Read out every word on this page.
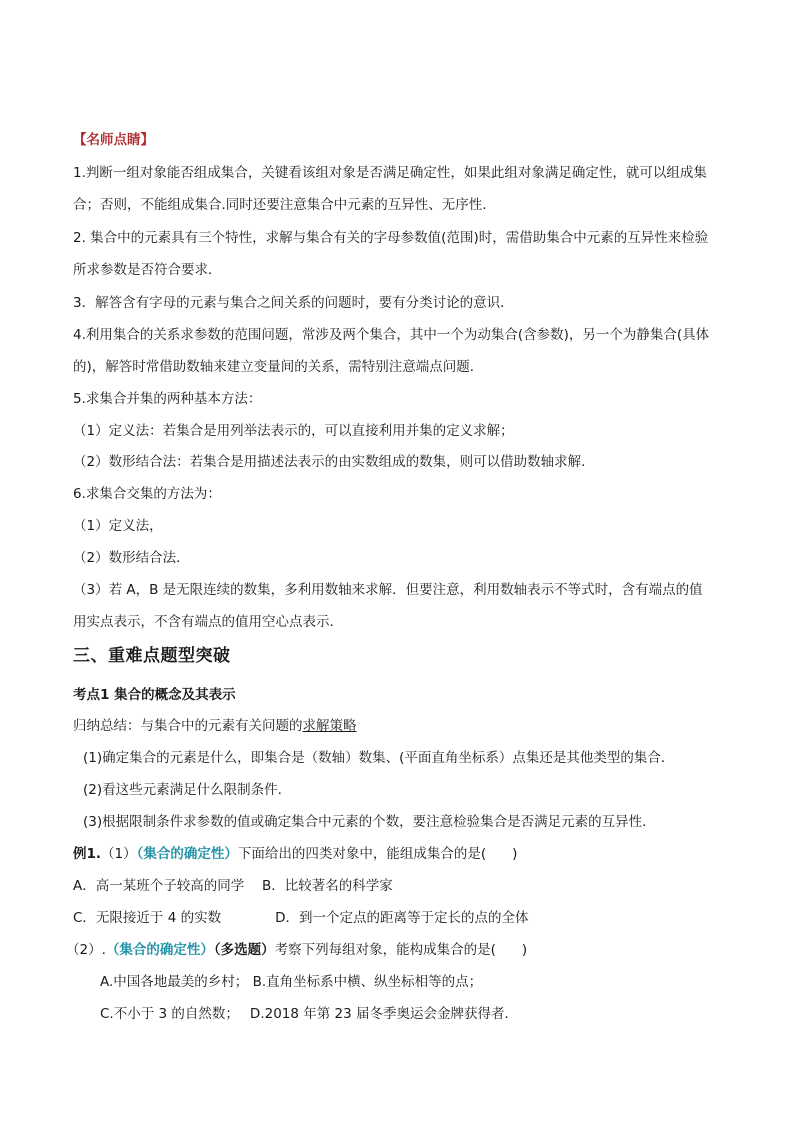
【名师点睛】
1.判断一组对象能否组成集合，关键看该组对象是否满足确定性，如果此组对象满足确定性，就可以组成集
合；否则，不能组成集合.同时还要注意集合中元素的互异性、无序性.
2. 集合中的元素具有三个特性，求解与集合有关的字母参数值(范围)时，需借助集合中元素的互异性来检验
所求参数是否符合要求．
3．解答含有字母的元素与集合之间关系的问题时，要有分类讨论的意识．
4.利用集合的关系求参数的范围问题，常涉及两个集合，其中一个为动集合(含参数)，另一个为静集合(具体
的)，解答时常借助数轴来建立变量间的关系，需特别注意端点问题．
5.求集合并集的两种基本方法：
（1）定义法：若集合是用列举法表示的，可以直接利用并集的定义求解；
（2）数形结合法：若集合是用描述法表示的由实数组成的数集，则可以借助数轴求解.
6.求集合交集的方法为：
（1）定义法，
（2）数形结合法．
（3）若 A，B 是无限连续的数集，多利用数轴来求解．但要注意，利用数轴表示不等式时，含有端点的值
用实点表示，不含有端点的值用空心点表示．
三、重难点题型突破
考点1 集合的概念及其表示
归纳总结：与集合中的元素有关问题的求解策略
(1)确定集合的元素是什么，即集合是（数轴）数集、(平面直角坐标系）点集还是其他类型的集合．
(2)看这些元素满足什么限制条件．
(3)根据限制条件求参数的值或确定集合中元素的个数，要注意检验集合是否满足元素的互异性．
例1.（1）（集合的确定性）下面给出的四类对象中，能组成集合的是( )
A．高一某班个子较高的同学　 B．比较著名的科学家
C．无限接近于 4 的实数　　　　D．到一个定点的距离等于定长的点的全体
（2）.（集合的确定性）（多选题）考察下列每组对象，能构成集合的是( )
A.中国各地最美的乡村； B.直角坐标系中横、纵坐标相等的点；
C.不小于 3 的自然数；　 D.2018 年第 23 届冬季奥运会金牌获得者．
